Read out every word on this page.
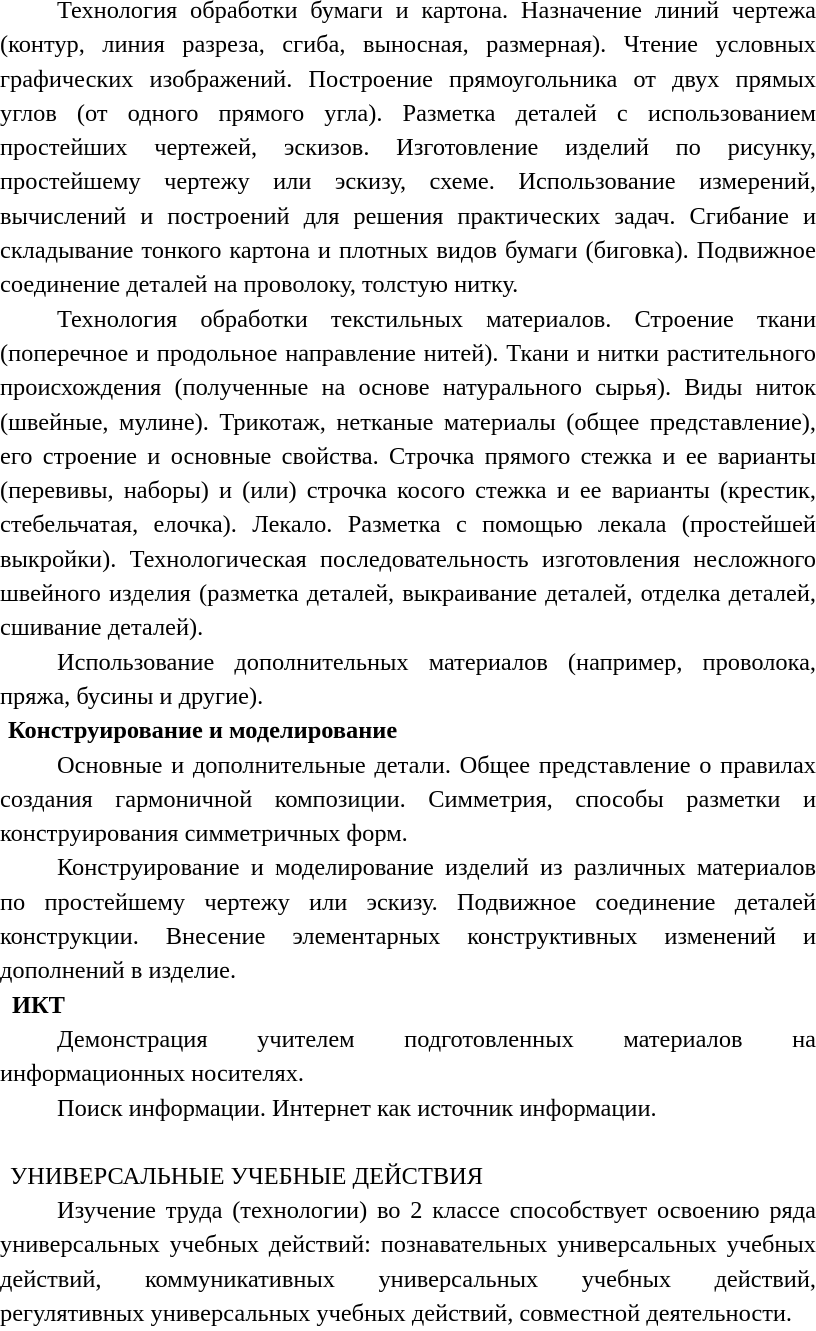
Технология обработки бумаги и картона. Назначение линий чертежа (контур, линия разреза, сгиба, выносная, размерная). Чтение условных графических изображений. Построение прямоугольника от двух прямых углов (от одного прямого угла). Разметка деталей с использованием простейших чертежей, эскизов. Изготовление изделий по рисунку, простейшему чертежу или эскизу, схеме. Использование измерений, вычислений и построений для решения практических задач. Сгибание и складывание тонкого картона и плотных видов бумаги (биговка). Подвижное соединение деталей на проволоку, толстую нитку.

Технология обработки текстильных материалов. Строение ткани (поперечное и продольное направление нитей). Ткани и нитки растительного происхождения (полученные на основе натурального сырья). Виды ниток (швейные, мулине). Трикотаж, нетканые материалы (общее представление), его строение и основные свойства. Строчка прямого стежка и ее варианты (перевивы, наборы) и (или) строчка косого стежка и ее варианты (крестик, стебельчатая, елочка). Лекало. Разметка с помощью лекала (простейшей выкройки). Технологическая последовательность изготовления несложного швейного изделия (разметка деталей, выкраивание деталей, отделка деталей, сшивание деталей).

Использование дополнительных материалов (например, проволока, пряжа, бусины и другие).

Конструирование и моделирование

Основные и дополнительные детали. Общее представление о правилах создания гармоничной композиции. Симметрия, способы разметки и конструирования симметричных форм.

Конструирование и моделирование изделий из различных материалов по простейшему чертежу или эскизу. Подвижное соединение деталей конструкции. Внесение элементарных конструктивных изменений и дополнений в изделие.

ИКТ

Демонстрация учителем подготовленных материалов на информационных носителях.

Поиск информации. Интернет как источник информации.

УНИВЕРСАЛЬНЫЕ УЧЕБНЫЕ ДЕЙСТВИЯ

Изучение труда (технологии) во 2 классе способствует освоению ряда универсальных учебных действий: познавательных универсальных учебных действий, коммуникативных универсальных учебных действий, регулятивных универсальных учебных действий, совместной деятельности.
